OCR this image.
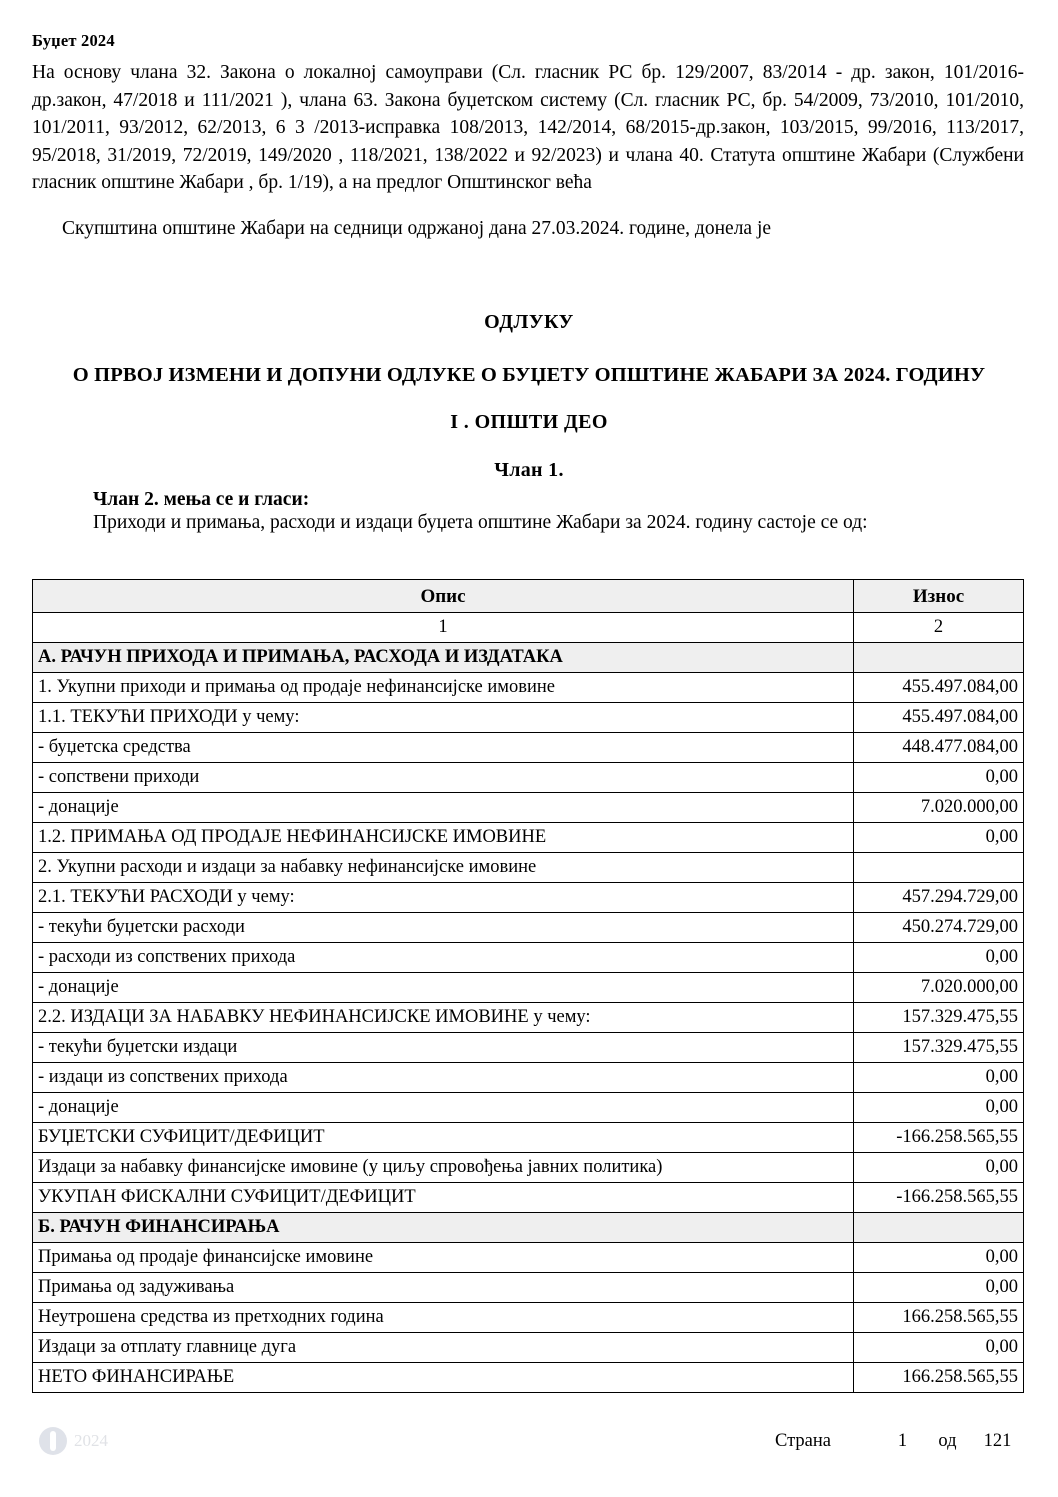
Буџет 2024

На основу члана 32. Закона о локалној самоуправи (Сл. гласник РС бр. 129/2007, 83/2014 - др. закон, 101/2016-др.закон, 47/2018 и 111/2021 ), члана 63. Закона буџетском систему (Сл. гласник РС, бр. 54/2009, 73/2010, 101/2010, 101/2011, 93/2012, 62/2013, 6 3 /2013-исправка 108/2013, 142/2014, 68/2015-др.закон, 103/2015, 99/2016, 113/2017, 95/2018, 31/2019, 72/2019, 149/2020 , 118/2021, 138/2022 и 92/2023) и члана 40. Статута општине Жабари (Службени гласник општине Жабари , бр. 1/19), а на предлог Општинског већа

Скупштина општине Жабари на седници одржаној дана 27.03.2024. године, донела је
ОДЛУКУ
О ПРВОЈ ИЗМЕНИ И ДОПУНИ ОДЛУКЕ О БУЏЕТУ ОПШТИНЕ ЖАБАРИ ЗА 2024. ГОДИНУ
I . ОПШТИ ДЕО
Члан 1.
Члан 2. мења се и гласи:
Приходи и примања, расходи и издаци буџета општине Жабари за 2024. годину састоје се од:
Опис	Износ
1	2
А. РАЧУН ПРИХОДА И ПРИМАЊА, РАСХОДА И ИЗДАТАКА	
1. Укупни приходи и примања од продаје нефинансијске имовине	455.497.084,00
1.1. ТЕКУЋИ ПРИХОДИ у чему:	455.497.084,00
- буџетска средства	448.477.084,00
- сопствени приходи	0,00
- донације	7.020.000,00
1.2. ПРИМАЊА ОД ПРОДАЈЕ НЕФИНАНСИЈСКЕ ИМОВИНЕ	0,00
2. Укупни расходи и издаци за набавку нефинансијске имовине	
2.1. ТЕКУЋИ РАСХОДИ у чему:	457.294.729,00
- текући буџетски расходи	450.274.729,00
- расходи из сопствених прихода	0,00
- донације	7.020.000,00
2.2. ИЗДАЦИ ЗА НАБАВКУ НЕФИНАНСИЈСКЕ ИМОВИНЕ у чему:	157.329.475,55
- текући буџетски издаци	157.329.475,55
- издаци из сопствених прихода	0,00
- донације	0,00
БУЏЕТСКИ СУФИЦИТ/ДЕФИЦИТ	-166.258.565,55
Издаци за набавку финансијске имовине (у циљу спровођења јавних политика)	0,00
УКУПАН ФИСКАЛНИ СУФИЦИТ/ДЕФИЦИТ	-166.258.565,55
Б. РАЧУН ФИНАНСИРАЊА	
Примања од продаје финансијске имовине	0,00
Примања од задуживања	0,00
Неутрошена средства из претходних година	166.258.565,55
Издаци за отплату главнице дуга	0,00
НЕТО ФИНАНСИРАЊЕ	166.258.565,55
2024	Страна	1	од	121
